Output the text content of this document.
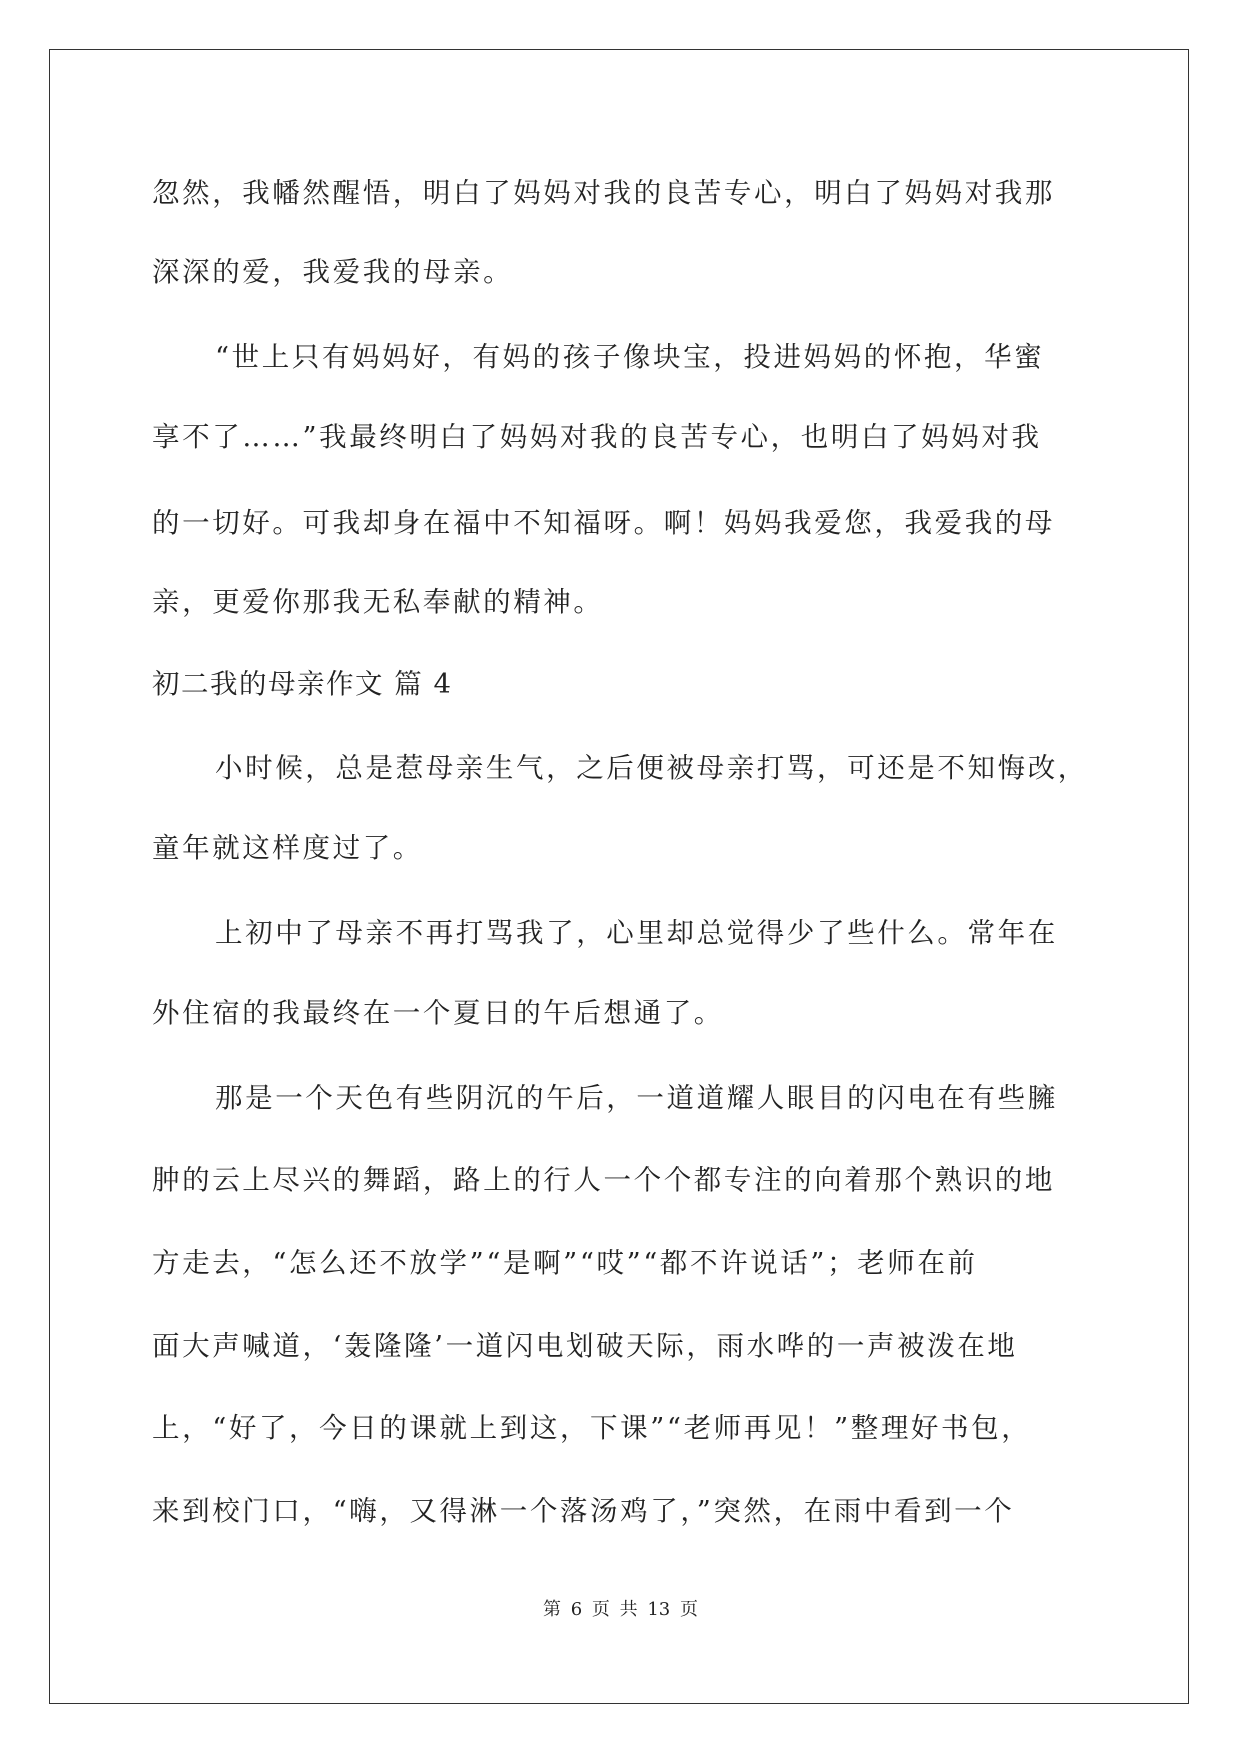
忽然，我幡然醒悟，明白了妈妈对我的良苦专心，明白了妈妈对我那
深深的爱，我爱我的母亲。
“世上只有妈妈好，有妈的孩子像块宝，投进妈妈的怀抱，华蜜
享不了……”我最终明白了妈妈对我的良苦专心，也明白了妈妈对我
的一切好。可我却身在福中不知福呀。啊！妈妈我爱您，我爱我的母
亲，更爱你那我无私奉献的精神。
初二我的母亲作文 篇 4
小时候，总是惹母亲生气，之后便被母亲打骂，可还是不知悔改，
童年就这样度过了。
上初中了母亲不再打骂我了，心里却总觉得少了些什么。常年在
外住宿的我最终在一个夏日的午后想通了。
那是一个天色有些阴沉的午后，一道道耀人眼目的闪电在有些臃
肿的云上尽兴的舞蹈，路上的行人一个个都专注的向着那个熟识的地
方走去，“怎么还不放学”“是啊”“哎”“都不许说话”；老师在前
面大声喊道，‘轰隆隆’一道闪电划破天际，雨水哗的一声被泼在地
上，“好了，今日的课就上到这，下课”“老师再见！”整理好书包，
来到校门口，“嗨，又得淋一个落汤鸡了，”突然，在雨中看到一个
第 6 页 共 13 页
